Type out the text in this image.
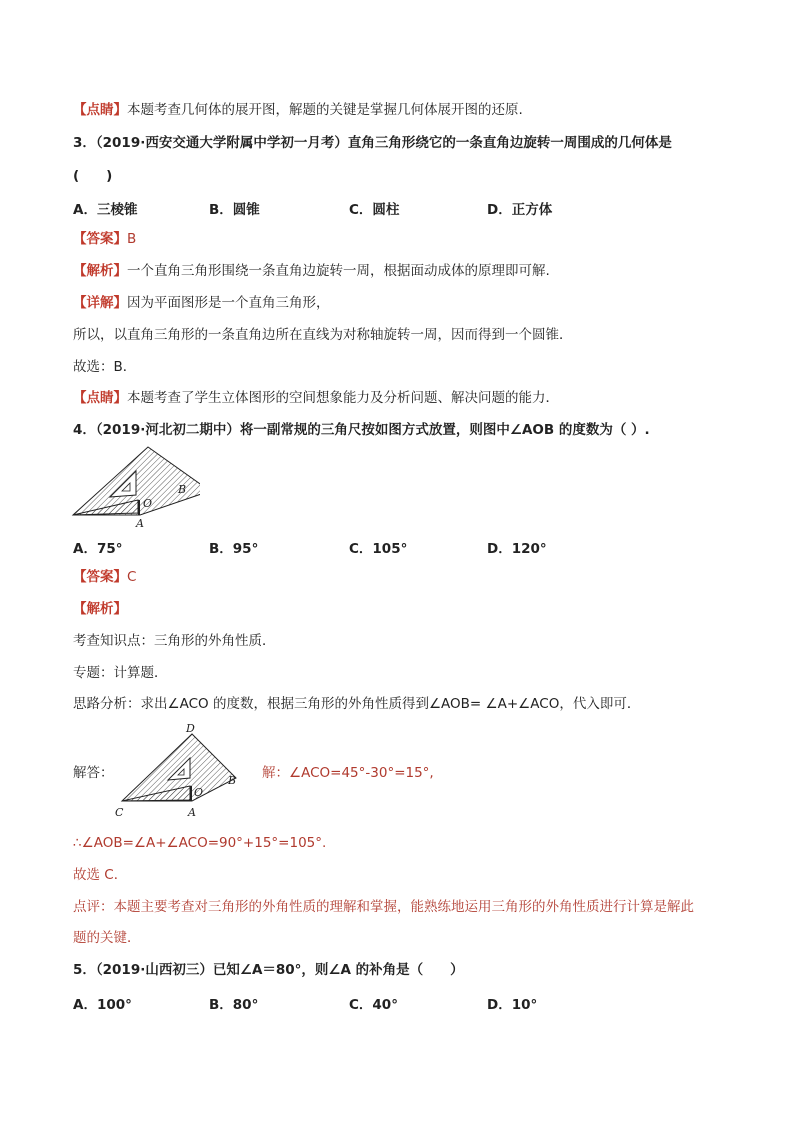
【点睛】本题考查几何体的展开图，解题的关键是掌握几何体展开图的还原.
3．（2019·西安交通大学附属中学初一月考）直角三角形绕它的一条直角边旋转一周围成的几何体是
(　　)
A．三棱锥	B．圆锥	C．圆柱	D．正方体
【答案】B
【解析】一个直角三角形围绕一条直角边旋转一周，根据面动成体的原理即可解.
【详解】因为平面图形是一个直角三角形，
所以，以直角三角形的一条直角边所在直线为对称轴旋转一周，因而得到一个圆锥．
故选：B．
【点睛】本题考查了学生立体图形的空间想象能力及分析问题、解决问题的能力．
4．（2019·河北初二期中）将一副常规的三角尺按如图方式放置，则图中∠AOB 的度数为（ ）.
O
B
A
A．75°	B．95°	C．105°	D．120°
【答案】C
【解析】
考查知识点：三角形的外角性质．
专题：计算题．
思路分析：求出∠ACO 的度数，根据三角形的外角性质得到∠AOB= ∠A+∠ACO，代入即可．
解答：
D
B
O
C	A
解：∠ACO=45°-30°=15°,
∴∠AOB=∠A+∠ACO=90°+15°=105°.
故选 C．
点评：本题主要考查对三角形的外角性质的理解和掌握，能熟练地运用三角形的外角性质进行计算是解此
题的关键．
5．（2019·山西初三）已知∠A＝80°，则∠A 的补角是（　　）
A．100°	B．80°	C．40°	D．10°
